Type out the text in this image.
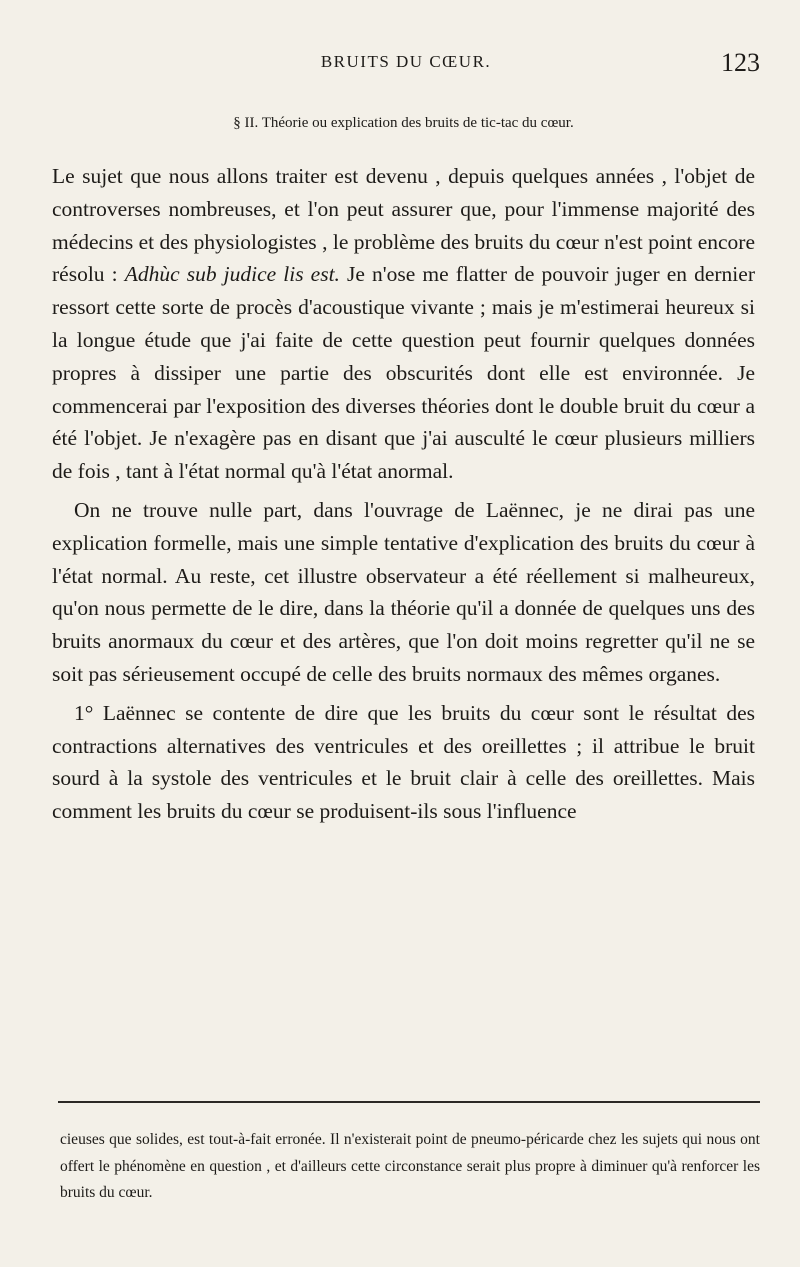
BRUITS DU CŒUR.	123
§ II. Théorie ou explication des bruits de tic-tac du cœur.

Le sujet que nous allons traiter est devenu , depuis quelques années , l'objet de controverses nombreuses, et l'on peut assurer que, pour l'immense majorité des médecins et des physiologistes , le problème des bruits du cœur n'est point encore résolu : Adhùc sub judice lis est. Je n'ose me flatter de pouvoir juger en dernier ressort cette sorte de procès d'acoustique vivante ; mais je m'estimerai heureux si la longue étude que j'ai faite de cette question peut fournir quelques données propres à dissiper une partie des obscurités dont elle est environnée. Je commencerai par l'exposition des diverses théories dont le double bruit du cœur a été l'objet. Je n'exagère pas en disant que j'ai ausculté le cœur plusieurs milliers de fois , tant à l'état normal qu'à l'état anormal.

On ne trouve nulle part, dans l'ouvrage de Laënnec, je ne dirai pas une explication formelle, mais une simple tentative d'explication des bruits du cœur à l'état normal. Au reste, cet illustre observateur a été réellement si malheureux, qu'on nous permette de le dire, dans la théorie qu'il a donnée de quelques uns des bruits anormaux du cœur et des artères, que l'on doit moins regretter qu'il ne se soit pas sérieusement occupé de celle des bruits normaux des mêmes organes.

1° Laënnec se contente de dire que les bruits du cœur sont le résultat des contractions alternatives des ventricules et des oreillettes ; il attribue le bruit sourd à la systole des ventricules et le bruit clair à celle des oreillettes. Mais comment les bruits du cœur se produisent-ils sous l'influence

cieuses que solides, est tout-à-fait erronée. Il n'existerait point de pneumo-péricarde chez les sujets qui nous ont offert le phénomène en question , et d'ailleurs cette circonstance serait plus propre à diminuer qu'à renforcer les bruits du cœur.
